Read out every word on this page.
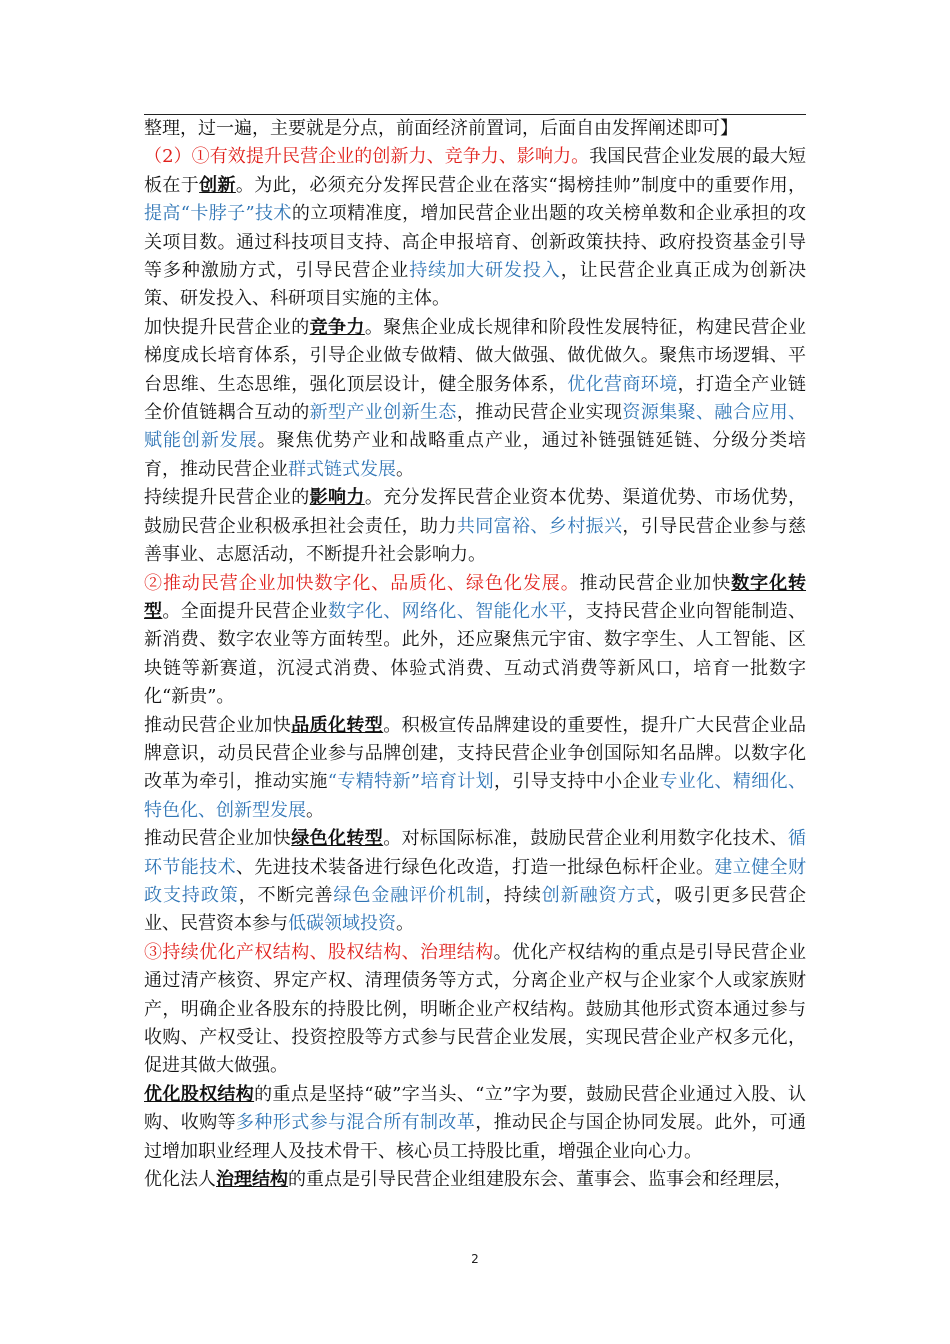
整理，过一遍，主要就是分点，前面经济前置词，后面自由发挥阐述即可】

（2）①有效提升民营企业的创新力、竞争力、影响力。我国民营企业发展的最大短板在于创新。为此，必须充分发挥民营企业在落实“揭榜挂帅”制度中的重要作用，提高“卡脖子”技术的立项精准度，增加民营企业出题的攻关榜单数和企业承担的攻关项目数。通过科技项目支持、高企申报培育、创新政策扶持、政府投资基金引导等多种激励方式，引导民营企业持续加大研发投入，让民营企业真正成为创新决策、研发投入、科研项目实施的主体。

加快提升民营企业的竞争力。聚焦企业成长规律和阶段性发展特征，构建民营企业梯度成长培育体系，引导企业做专做精、做大做强、做优做久。聚焦市场逻辑、平台思维、生态思维，强化顶层设计，健全服务体系，优化营商环境，打造全产业链全价值链耦合互动的新型产业创新生态，推动民营企业实现资源集聚、融合应用、赋能创新发展。聚焦优势产业和战略重点产业，通过补链强链延链、分级分类培育，推动民营企业群式链式发展。

持续提升民营企业的影响力。充分发挥民营企业资本优势、渠道优势、市场优势，鼓励民营企业积极承担社会责任，助力共同富裕、乡村振兴，引导民营企业参与慈善事业、志愿活动，不断提升社会影响力。

②推动民营企业加快数字化、品质化、绿色化发展。推动民营企业加快数字化转型。全面提升民营企业数字化、网络化、智能化水平，支持民营企业向智能制造、新消费、数字农业等方面转型。此外，还应聚焦元宇宙、数字孪生、人工智能、区块链等新赛道，沉浸式消费、体验式消费、互动式消费等新风口，培育一批数字化“新贵”。

推动民营企业加快品质化转型。积极宣传品牌建设的重要性，提升广大民营企业品牌意识，动员民营企业参与品牌创建，支持民营企业争创国际知名品牌。以数字化改革为牵引，推动实施“专精特新”培育计划，引导支持中小企业专业化、精细化、特色化、创新型发展。

推动民营企业加快绿色化转型。对标国际标准，鼓励民营企业利用数字化技术、循环节能技术、先进技术装备进行绿色化改造，打造一批绿色标杆企业。建立健全财政支持政策，不断完善绿色金融评价机制，持续创新融资方式，吸引更多民营企业、民营资本参与低碳领域投资。

③持续优化产权结构、股权结构、治理结构。优化产权结构的重点是引导民营企业通过清产核资、界定产权、清理债务等方式，分离企业产权与企业家个人或家族财产，明确企业各股东的持股比例，明晰企业产权结构。鼓励其他形式资本通过参与收购、产权受让、投资控股等方式参与民营企业发展，实现民营企业产权多元化，促进其做大做强。

优化股权结构的重点是坚持“破”字当头、“立”字为要，鼓励民营企业通过入股、认购、收购等多种形式参与混合所有制改革，推动民企与国企协同发展。此外，可通过增加职业经理人及技术骨干、核心员工持股比重，增强企业向心力。

优化法人治理结构的重点是引导民营企业组建股东会、董事会、监事会和经理层，

2
